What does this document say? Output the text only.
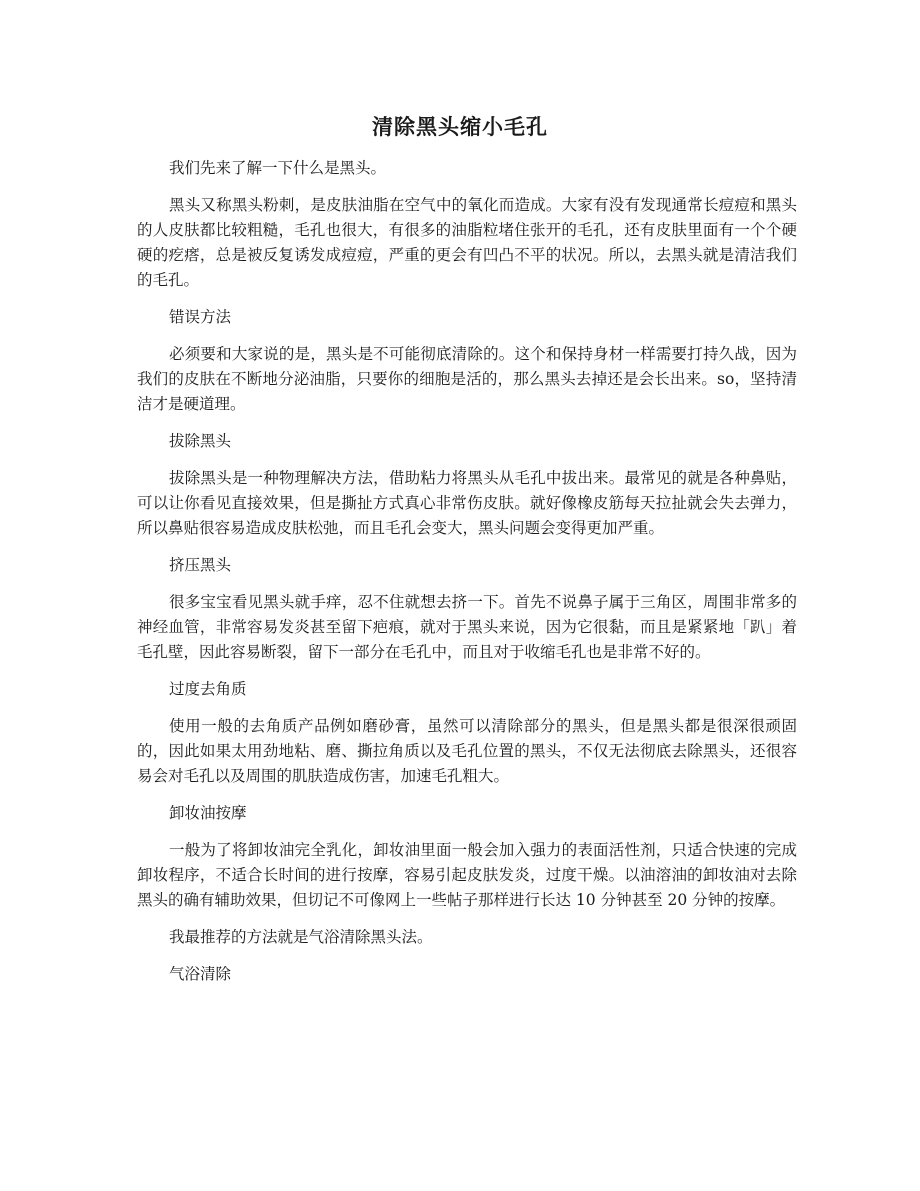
清除黑头缩小毛孔

我们先来了解一下什么是黑头。

黑头又称黑头粉刺，是皮肤油脂在空气中的氧化而造成。大家有没有发现通常长痘痘和黑头的人皮肤都比较粗糙，毛孔也很大，有很多的油脂粒堵住张开的毛孔，还有皮肤里面有一个个硬硬的疙瘩，总是被反复诱发成痘痘，严重的更会有凹凸不平的状况。所以，去黑头就是清洁我们的毛孔。

错误方法

必须要和大家说的是，黑头是不可能彻底清除的。这个和保持身材一样需要打持久战，因为我们的皮肤在不断地分泌油脂，只要你的细胞是活的，那么黑头去掉还是会长出来。so，坚持清洁才是硬道理。

拔除黑头

拔除黑头是一种物理解决方法，借助粘力将黑头从毛孔中拔出来。最常见的就是各种鼻贴，可以让你看见直接效果，但是撕扯方式真心非常伤皮肤。就好像橡皮筋每天拉扯就会失去弹力，所以鼻贴很容易造成皮肤松弛，而且毛孔会变大，黑头问题会变得更加严重。

挤压黑头

很多宝宝看见黑头就手痒，忍不住就想去挤一下。首先不说鼻子属于三角区，周围非常多的神经血管，非常容易发炎甚至留下疤痕，就对于黑头来说，因为它很黏，而且是紧紧地「趴」着毛孔壁，因此容易断裂，留下一部分在毛孔中，而且对于收缩毛孔也是非常不好的。

过度去角质

使用一般的去角质产品例如磨砂膏，虽然可以清除部分的黑头，但是黑头都是很深很顽固的，因此如果太用劲地粘、磨、撕拉角质以及毛孔位置的黑头，不仅无法彻底去除黑头，还很容易会对毛孔以及周围的肌肤造成伤害，加速毛孔粗大。

卸妆油按摩

一般为了将卸妆油完全乳化，卸妆油里面一般会加入强力的表面活性剂，只适合快速的完成卸妆程序，不适合长时间的进行按摩，容易引起皮肤发炎，过度干燥。以油溶油的卸妆油对去除黑头的确有辅助效果，但切记不可像网上一些帖子那样进行长达 10 分钟甚至 20 分钟的按摩。

我最推荐的方法就是气浴清除黑头法。

气浴清除
